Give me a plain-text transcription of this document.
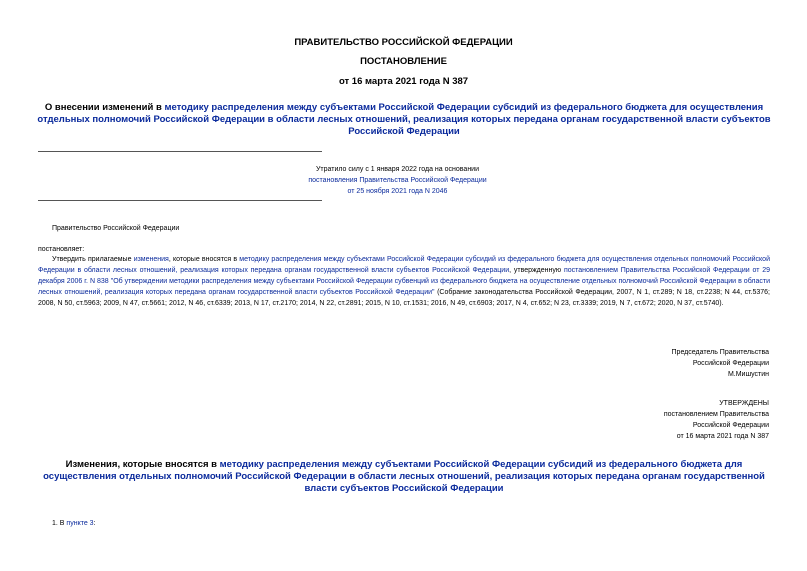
ПРАВИТЕЛЬСТВО РОССИЙСКОЙ ФЕДЕРАЦИИ
ПОСТАНОВЛЕНИЕ
от 16 марта 2021 года N 387
О внесении изменений в методику распределения между субъектами Российской Федерации субсидий из федерального бюджета для осуществления отдельных полномочий Российской Федерации в области лесных отношений, реализация которых передана органам государственной власти субъектов Российской Федерации
Утратило силу с 1 января 2022 года на основании
постановления Правительства Российской Федерации
от 25 ноября 2021 года N 2046
Правительство Российской Федерации
постановляет:
Утвердить прилагаемые изменения, которые вносятся в методику распределения между субъектами Российской Федерации субсидий из федерального бюджета для осуществления отдельных полномочий Российской Федерации в области лесных отношений, реализация которых передана органам государственной власти субъектов Российской Федерации, утвержденную постановлением Правительства Российской Федерации от 29 декабря 2006 г. N 838 "Об утверждении методики распределения между субъектами Российской Федерации субвенций из федерального бюджета на осуществление отдельных полномочий Российской Федерации в области лесных отношений, реализация которых передана органам государственной власти субъектов Российской Федерации" (Собрание законодательства Российской Федерации, 2007, N 1, ст.289; N 18, ст.2238; N 44, ст.5376; 2008, N 50, ст.5963; 2009, N 47, ст.5661; 2012, N 46, ст.6339; 2013, N 17, ст.2170; 2014, N 22, ст.2891; 2015, N 10, ст.1531; 2016, N 49, ст.6903; 2017, N 4, ст.652; N 23, ст.3339; 2019, N 7, ст.672; 2020, N 37, ст.5740).
Председатель Правительства
Российской Федерации
М.Мишустин
УТВЕРЖДЕНЫ
постановлением Правительства
Российской Федерации
от 16 марта 2021 года N 387
Изменения, которые вносятся в методику распределения между субъектами Российской Федерации субсидий из федерального бюджета для осуществления отдельных полномочий Российской Федерации в области лесных отношений, реализация которых передана органам государственной власти субъектов Российской Федерации
1. В пункте 3:
